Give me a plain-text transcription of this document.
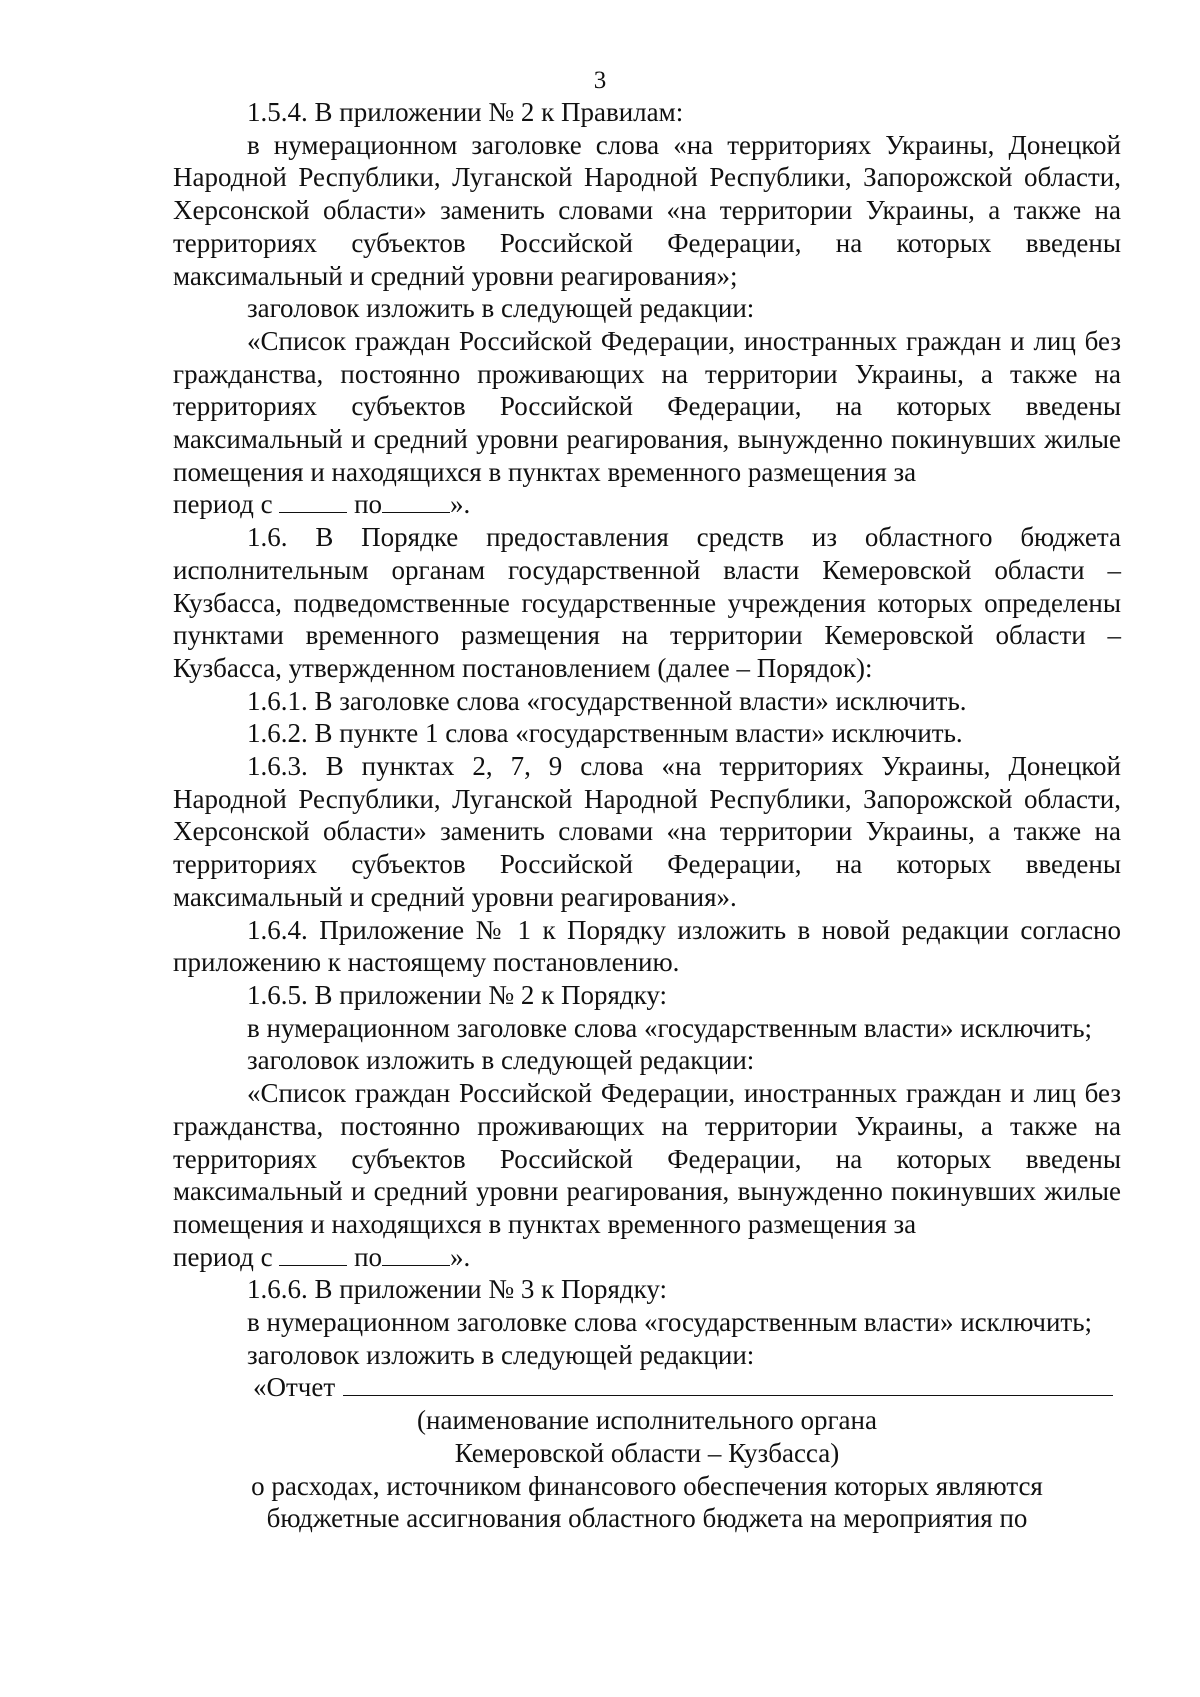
3

1.5.4. В приложении № 2 к Правилам:

в нумерационном заголовке слова «на территориях Украины, Донецкой Народной Республики, Луганской Народной Республики, Запорожской области, Херсонской области» заменить словами «на территории Украины, а также на территориях субъектов Российской Федерации, на которых введены максимальный и средний уровни реагирования»;

заголовок изложить в следующей редакции:

«Список граждан Российской Федерации, иностранных граждан и лиц без гражданства, постоянно проживающих на территории Украины, а также на территориях субъектов Российской Федерации, на которых введены максимальный и средний уровни реагирования, вынужденно покинувших жилые помещения и находящихся в пунктах временного размещения за

период с	по	».

1.6. В Порядке предоставления средств из областного бюджета исполнительным органам государственной власти Кемеровской области – Кузбасса, подведомственные государственные учреждения которых определены пунктами временного размещения на территории Кемеровской области – Кузбасса, утвержденном постановлением (далее – Порядок):

1.6.1. В заголовке слова «государственной власти» исключить.

1.6.2. В пункте 1 слова «государственным власти» исключить.

1.6.3. В пунктах 2, 7, 9 слова «на территориях Украины, Донецкой Народной Республики, Луганской Народной Республики, Запорожской области, Херсонской области» заменить словами «на территории Украины, а также на территориях субъектов Российской Федерации, на которых введены максимальный и средний уровни реагирования».

1.6.4. Приложение № 1 к Порядку изложить в новой редакции согласно приложению к настоящему постановлению.

1.6.5. В приложении № 2 к Порядку:

в нумерационном заголовке слова «государственным власти» исключить;

заголовок изложить в следующей редакции:

«Список граждан Российской Федерации, иностранных граждан и лиц без гражданства, постоянно проживающих на территории Украины, а также на территориях субъектов Российской Федерации, на которых введены максимальный и средний уровни реагирования, вынужденно покинувших жилые помещения и находящихся в пунктах временного размещения за

период с	по	».

1.6.6. В приложении № 3 к Порядку:

в нумерационном заголовке слова «государственным власти» исключить;

заголовок изложить в следующей редакции:

«Отчет

(наименование исполнительного органа

Кемеровской области – Кузбасса)

о расходах, источником финансового обеспечения которых являются

бюджетные ассигнования областного бюджета на мероприятия по
